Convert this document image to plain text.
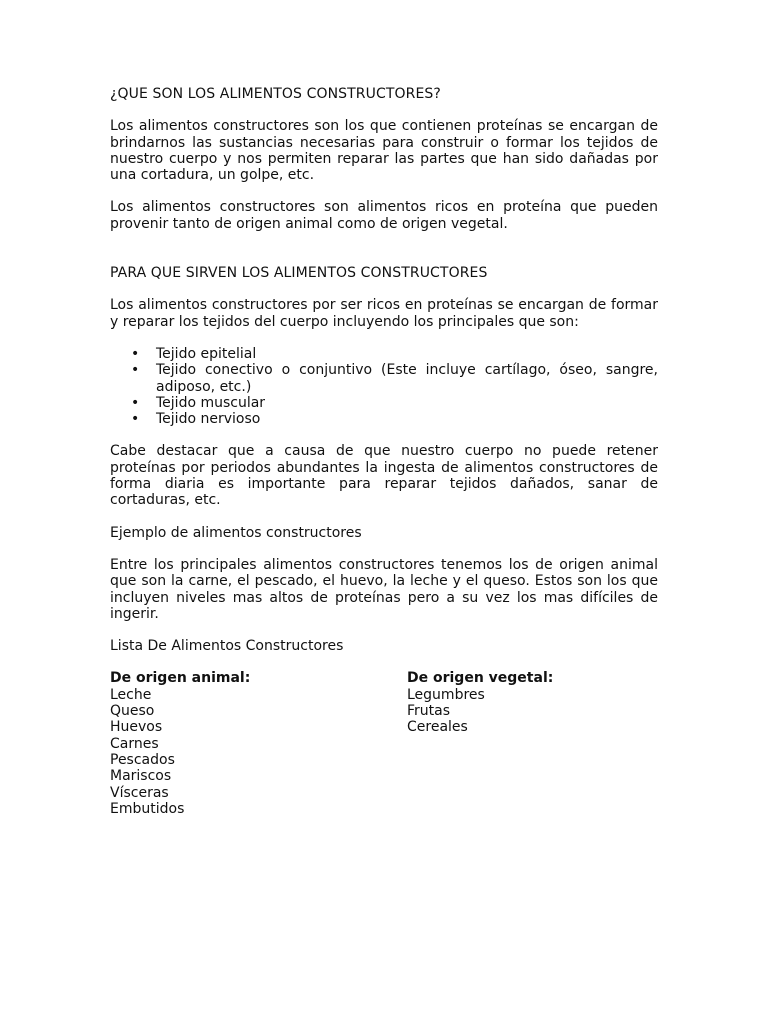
¿QUE SON LOS ALIMENTOS CONSTRUCTORES?

Los alimentos constructores son los que contienen proteínas se encargan de brindarnos las sustancias necesarias para construir o formar los tejidos de nuestro cuerpo y nos permiten reparar las partes que han sido dañadas por una cortadura, un golpe, etc.

Los alimentos constructores son alimentos ricos en proteína que pueden provenir tanto de origen animal como de origen vegetal.

PARA QUE SIRVEN LOS ALIMENTOS CONSTRUCTORES

Los alimentos constructores por ser ricos en proteínas se encargan de formar y reparar los tejidos del cuerpo incluyendo los principales que son:

• Tejido epitelial
• Tejido conectivo o conjuntivo (Este incluye cartílago, óseo, sangre, adiposo, etc.)
• Tejido muscular
• Tejido nervioso

Cabe destacar que a causa de que nuestro cuerpo no puede retener proteínas por periodos abundantes la ingesta de alimentos constructores de forma diaria es importante para reparar tejidos dañados, sanar de cortaduras, etc.

Ejemplo de alimentos constructores

Entre los principales alimentos constructores tenemos los de origen animal que son la carne, el pescado, el huevo, la leche y el queso. Estos son los que incluyen niveles mas altos de proteínas pero a su vez los mas difíciles de ingerir.

Lista De Alimentos Constructores

De origen animal:
Leche
Queso
Huevos
Carnes
Pescados
Mariscos
Vísceras
Embutidos
De origen vegetal:
Legumbres
Frutas
Cereales
